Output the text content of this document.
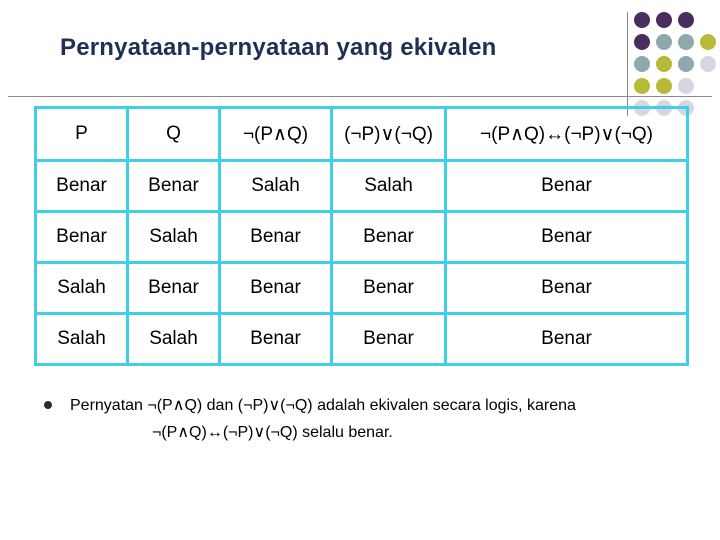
Pernyataan-pernyataan yang ekivalen
P	Q	¬(P∧Q)	(¬P)∨(¬Q)	¬(P∧Q)↔(¬P)∨(¬Q)
Benar	Benar	Salah	Salah	Benar
Benar	Salah	Benar	Benar	Benar
Salah	Benar	Benar	Benar	Benar
Salah	Salah	Benar	Benar	Benar
Pernyatan ¬(P∧Q) dan (¬P)∨(¬Q) adalah ekivalen secara logis, karena
¬(P∧Q)↔(¬P)∨(¬Q) selalu benar.
